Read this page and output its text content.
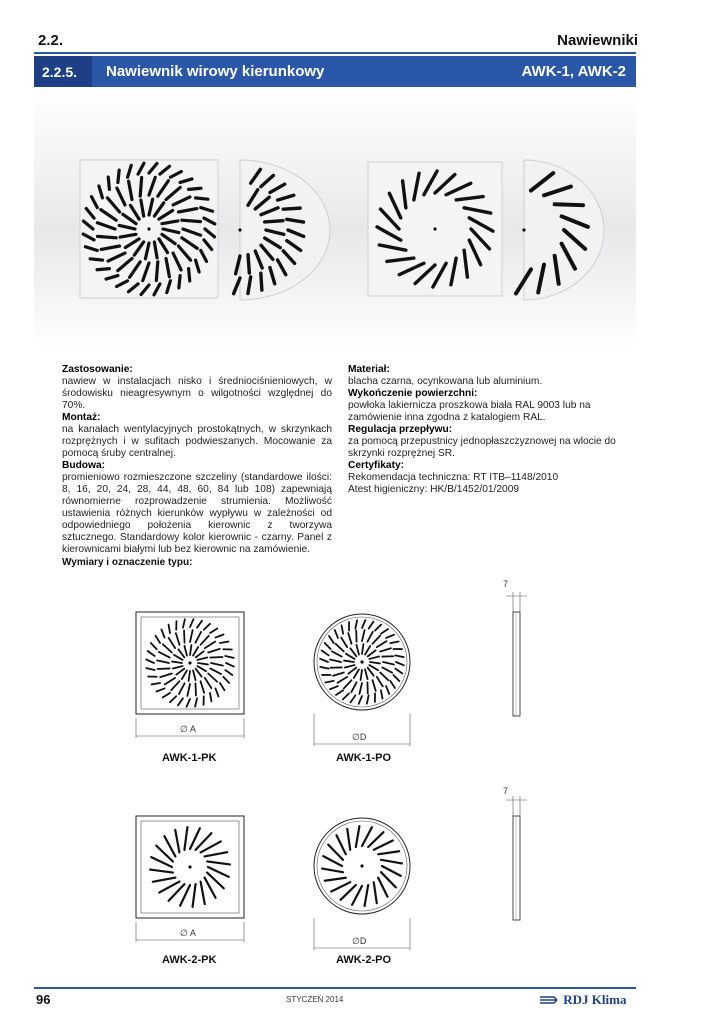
2.2.	Nawiewniki
2.2.5.	Nawiewnik wirowy kierunkowy	AWK-1, AWK-2
Zastosowanie:
nawiew w instalacjach nisko i średniociśnieniowych, w środowisku nieagresywnym o wilgotności względnej do 70%.
Montaż:
na kanałach wentylacyjnych prostokątnych, w skrzynkach rozprężnych i w sufitach podwieszanych. Mocowanie za pomocą śruby centralnej.
Budowa:
promieniowo rozmieszczone szczeliny (standardowe ilości: 8, 16, 20, 24, 28, 44, 48, 60, 84 lub 108) zapewniają równomierne rozprowadzenie strumienia. Możliwość ustawienia różnych kierunków wypływu w zależności od odpowiedniego położenia kierownic z tworzywa sztucznego. Standardowy kolor kierownic - czarny. Panel z kierownicami białymi lub bez kierownic na zamówienie.
Materiał:
blacha czarna, ocynkowana lub aluminium.
Wykończenie powierzchni:
powłoka lakiernicza proszkowa biała RAL 9003 lub na zamówienie inna zgodna z katalogiem RAL.
Regulacja przepływu:
za pomocą przepustnicy jednopłaszczyznowej na wlocie do skrzynki rozprężnej SR.
Certyfikaty:
Rekomendacja techniczna: RT ITB–1148/2010
Atest higieniczny: HK/B/1452/01/2009
Wymiary i oznaczenie typu:
7
7
∅ A
∅D
∅ A
∅D
AWK-1-PK	AWK-1-PO
AWK-2-PK	AWK-2-PO
96	STYCZEŃ 2014	RDJ Klima
